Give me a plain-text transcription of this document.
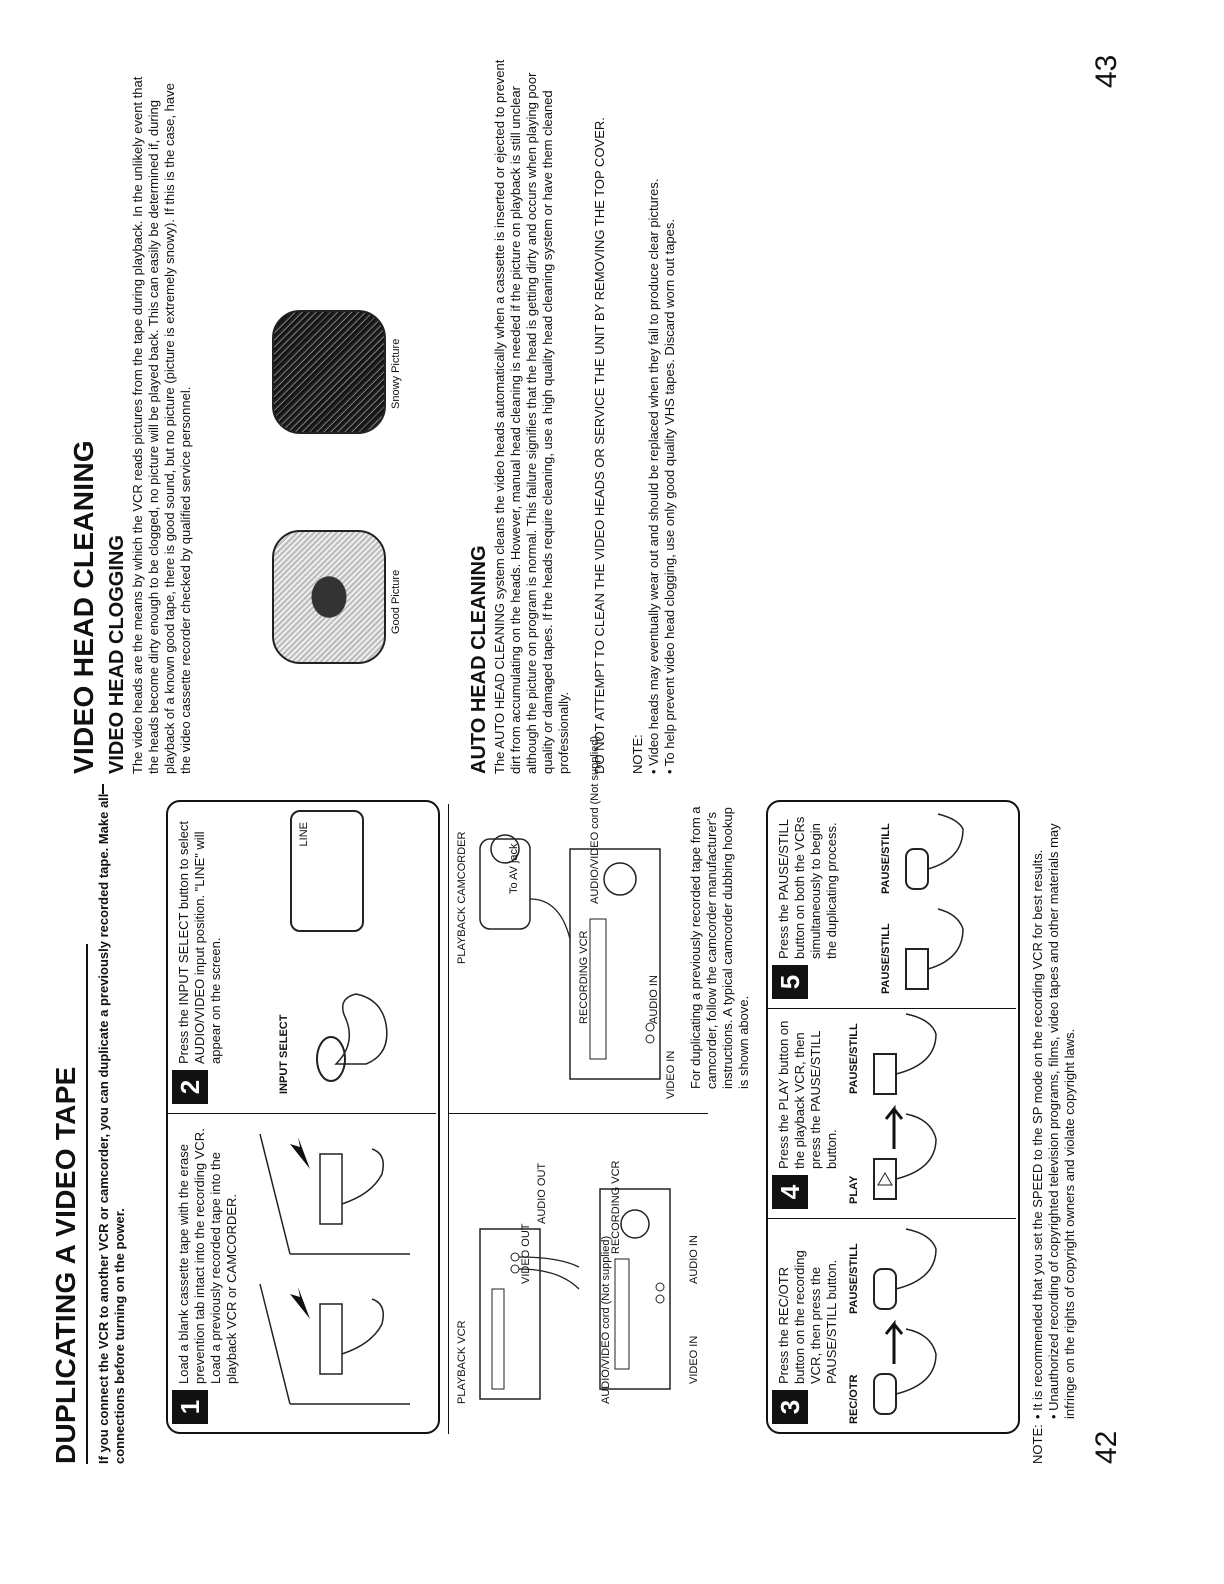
DUPLICATING A VIDEO TAPE If you connect the VCR to another VCR or camcorder, you can duplicate a previously recorded tape. Make all connections before turning on the power. 1
Load a blank cassette tape with the erase prevention tab intact into the recording VCR. Load a previously recorded tape into the playback VCR or CAMCORDER.
2
Press the INPUT SELECT button to select AUDIO/VIDEO input position. "LINE" will appear on the screen.	INPUT SELECT
LINE
PLAYBACK VCR
VIDEO OUT
AUDIO OUT
AUDIO/VIDEO cord (Not supplied)
RECORDING VCR
VIDEO IN
AUDIO IN
PLAYBACK CAMCORDER	To AV jack	AUDIO/VIDEO cord (Not supplied)
RECORDING VCR
VIDEO IN
AUDIO IN For duplicating a previously recorded tape from a camcorder, follow the camcorder manufacturer's instructions. A typical camcorder dubbing hookup is shown above.
3
Press the REC/OTR button on the recording VCR, then press the PAUSE/STILL button.
REC/OTR
PAUSE/STILL
4
Press the PLAY button on the playback VCR, then press the PAUSE/STILL button.
PLAY
PAUSE/STILL
5
Press the PAUSE/STILL button on both the VCRs simultaneously to begin the duplicating process.	PAUSE/STILL
PAUSE/STILL
NOTE:
• It is recommended that you set the SPEED to the SP mode on the recording VCR for best results.
• Unauthorized recording of copyrighted television programs, films, video tapes and other materials may infringe on the rights of copyright owners and violate copyright laws.
42
VIDEO HEAD CLEANING VIDEO HEAD CLOGGING The video heads are the means by which the VCR reads pictures from the tape during playback. In the unlikely event that the heads become dirty enough to be clogged, no picture will be played back. This can easily be determined if, during playback of a known good tape, there is good sound, but no picture (picture is extremely snowy). If this is the case, have the video cassette recorder checked by qualified service personnel.	Good Picture
Snowy Picture
AUTO HEAD CLEANING The AUTO HEAD CLEANING system cleans the video heads automatically when a cassette is inserted or ejected to prevent dirt from accumulating on the heads. However, manual head cleaning is needed if the picture on playback is still unclear although the picture on program is normal. This failure signifies that the head is getting dirty and occurs when playing poor quality or damaged tapes. If the heads require cleaning, use a high quality head cleaning system or have them cleaned professionally. DO NOT ATTEMPT TO CLEAN THE VIDEO HEADS OR SERVICE THE UNIT BY REMOVING THE TOP COVER. NOTE: • Video heads may eventually wear out and should be replaced when they fail to produce clear pictures.
• To help prevent video head clogging, use only good quality VHS tapes. Discard worn out tapes.
43
